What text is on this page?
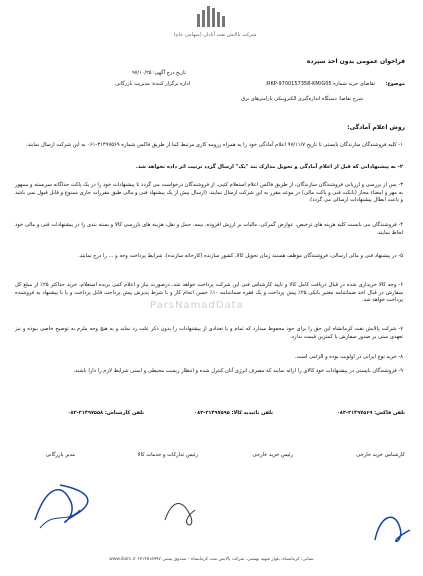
شرکت پالایش نفت آبادان (سهامی عام)
فراخوان عمومی بدون اخذ سپرده
تاریخ درج آگهی: ۹۷/۱۰/۲۵
موضوع:
تقاضای خرید شماره RKP-9700157358-KM/G05:
اداره برگزار کننده: مدیریت بازرگانی
شرح تقاضا: دستگاه اندازه‌گیری الکترونیکی پارامترهای برق
روش اعلام آمادگی:
۱- کلیه فروشندگان سازندگان بایستی تا تاریخ ۹۷/۱۱/۷ اعلام آمادگی خود را به همراه رزومه کاری مرتبط کتبا از طریق فاکس شماره ۳۱۴۹۷۵۶۹-۰۶۱ به این شرکت ارسال نمایند.
۲- به پیشنهاداتی که قبل از اعلام آمادگی و تحویل مدارک بند "یک" ارسال گردد ترتیب اثر داده نخواهد شد.
۳- پس از بررسی و ارزیابی فروشندگان سازندگان، از طریق فاکس اعلام استعلام کتبی، از فروشندگان درخواست می گردد تا پیشنهادات خود را در یک پاکت جداگانه سربسته و ممهور به مهر و امضاء مجاز (بانکت فنی و پاکت مالی) در موعد مقرر به این شرکت ارسال نمایند. (ارسال پیش از یک پیشنهاد فنی و مالی طبق مقررات جاری ممنوع و قابل قبول نمی باشد و باعث ابطال پیشنهادات ارسالی می گردد).
۴- فروشندگان می بایست کلیه هزینه های ترخیص، عوارض گمرکی، مالیات بر ارزش افزوده، بیمه، حمل و نقل، هزینه های بازرسی کالا و بسته بندی را در پیشنهادات فنی و مالی خود لحاظ نمایند.
۵- در پیشنهاد فنی و مالی ارسالی، فروشندگان موظف هستند زمان تحویل کالا، کشور سازنده (کارخانه سازنده)، شرایط پرداخت وجه و ... را درج نمایند.
۶- وجه کالا خریداری شده در قبال دریافت کامل کالا و تایید کارشناس فنی این شرکت پرداخت خواهد شد، درصورت نیاز و اعلام کتبی برنده استعلام، خرید حداکثر ۲۵٪ از مبلغ کل سفارش در قبال اخذ ضمانتنامه معتبر بانکی ۲۵٪ پیش پرداخت و یک فقره ضمانتنامه ۱۰٪ حسن انجام کار و با شرط پذیرش پیش پرداخت قابل پرداخت و یا با پیشنهاد به فروشنده پرداخت خواهد شد.
۷- شرکت پالایش نفت کرمانشاه این حق را برای خود محفوظ میدارد که تمام و یا تعدادی از پیشنهادات را بدون ذکر علت رد نماید و به هیچ وجه ملزم به توضیح خاصی نبوده و نیز تعهدی مبنی بر صدور سفارش با کمترین قیمت ندارد.
۸- خرید نوع ایرانی در اولویت بوده و الزامی است.
۹- فروشندگان بایستی در پیشنهادات خود کالای را ارائه نمایند که مصرف انرژی آنان کنترل شده و انتظار زیست محیطی و ایمنی شرایط لازم را دارا باشند.
ParsNamadData
تلفن فاکس: ۳۱۴۹۷۵۶۹-۰۸۳
تلفن تائیدیه کالا: ۳۱۴۹۷۵۹۵-۰۸۳
تلفن کارشناس: ۳۱۴۹۷۵۵۸-۰۸۳
کارشناس خرید خارجی
رئیس خرید خارجی
رئیس تدارکات و خدمات کالا
مدیر بازرگانی
نشانی: کرمانشاه، بلوار شهید بهشتی، شرکت پالایش نفت کرمانشاه - صندوق پستی ۶۷۱۴۵۱۵۹۹۷ www.ikorc.ir
